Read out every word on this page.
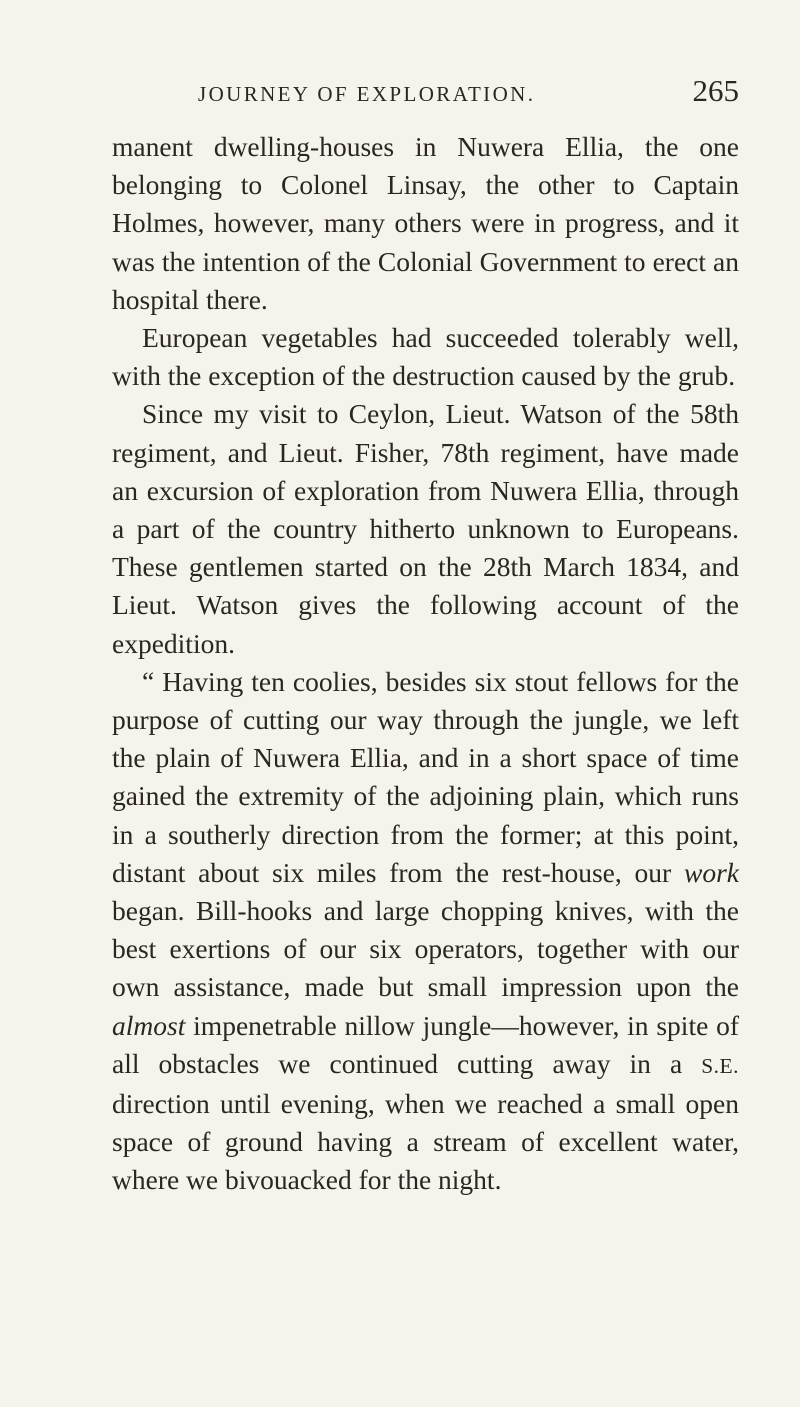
JOURNEY OF EXPLORATION.	265

manent dwelling-houses in Nuwera Ellia, the one belonging to Colonel Linsay, the other to Captain Holmes, however, many others were in progress, and it was the intention of the Colonial Government to erect an hospital there.

European vegetables had succeeded tolerably well, with the exception of the destruction caused by the grub.

Since my visit to Ceylon, Lieut. Watson of the 58th regiment, and Lieut. Fisher, 78th regiment, have made an excursion of exploration from Nuwera Ellia, through a part of the country hitherto unknown to Europeans. These gentlemen started on the 28th March 1834, and Lieut. Watson gives the following account of the expedition.

“ Having ten coolies, besides six stout fellows for the purpose of cutting our way through the jungle, we left the plain of Nuwera Ellia, and in a short space of time gained the extremity of the adjoining plain, which runs in a southerly direction from the former; at this point, distant about six miles from the rest-house, our work began. Bill-hooks and large chopping knives, with the best exertions of our six operators, together with our own assistance, made but small impression upon the almost impenetrable nillow jungle—however, in spite of all obstacles we continued cutting away in a S.E. direction until evening, when we reached a small open space of ground having a stream of excellent water, where we bivouacked for the night.
